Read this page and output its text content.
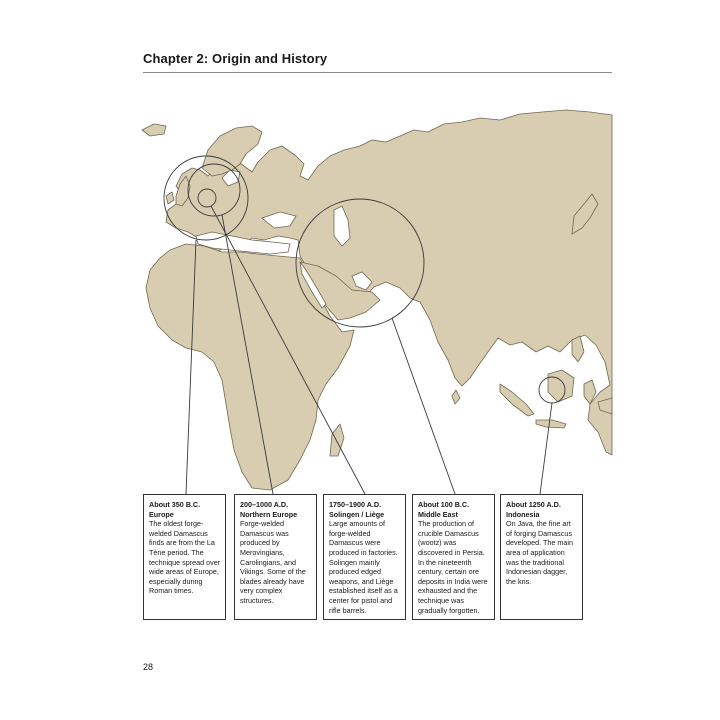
Chapter 2: Origin and History
About 350 B.C.
Europe
The oldest forge-welded Damascus finds are from the La Tène period. The technique spread over wide areas of Europe, especially during Roman times.
200–1000 A.D.
Northern Europe
Forge-welded Damascus was produced by Merovingians, Carolingians, and Vikings. Some of the blades already have very complex structures.
1750–1900 A.D.
Solingen / Liège
Large amounts of forge-welded Damascus were produced in factories. Solingen mainly produced edged weapons, and Liège established itself as a center for pistol and rifle barrels.
About 100 B.C.
Middle East
The production of crucible Damascus (wootz) was discovered in Persia. In the nineteenth century, certain ore deposits in India were exhausted and the technique was gradually forgotten.
About 1250 A.D.
Indonesia
On Java, the fine art of forging Damascus developed. The main area of application was the traditional Indonesian dagger, the kris.
28
